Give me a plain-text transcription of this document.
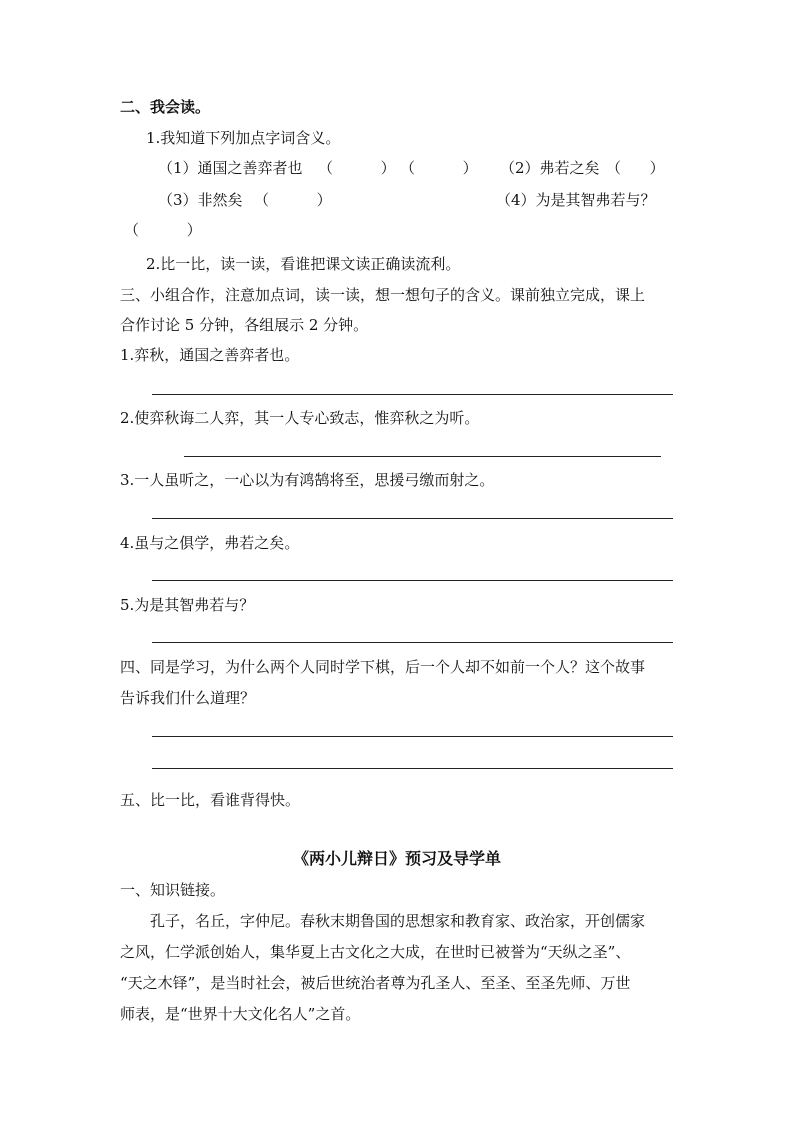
二、我会读。
1.我知道下列加点字词含义。
（1）通国之善弈者也 （          ） （          ） （2）弗若之矣 （      ）
（3）非然矣 （          ）	（4）为是其智弗若与？
（          ）
2.比一比，读一读，看谁把课文读正确读流利。
三、小组合作，注意加点词，读一读，想一想句子的含义。课前独立完成，课上
合作讨论 5 分钟，各组展示 2 分钟。
1.弈秋，通国之善弈者也。
2.使弈秋诲二人弈，其一人专心致志，惟弈秋之为听。
3.一人虽听之，一心以为有鸿鹄将至，思援弓缴而射之。
4.虽与之俱学，弗若之矣。
5.为是其智弗若与？
四、同是学习，为什么两个人同时学下棋，后一个人却不如前一个人？这个故事
告诉我们什么道理？
五、比一比，看谁背得快。
《两小儿辩日》预习及导学单
一、知识链接。
孔子，名丘，字仲尼。春秋末期鲁国的思想家和教育家、政治家，开创儒家
之风，仁学派创始人，集华夏上古文化之大成，在世时已被誉为“天纵之圣”、
“天之木铎”，是当时社会，被后世统治者尊为孔圣人、至圣、至圣先师、万世
师表，是“世界十大文化名人”之首。
